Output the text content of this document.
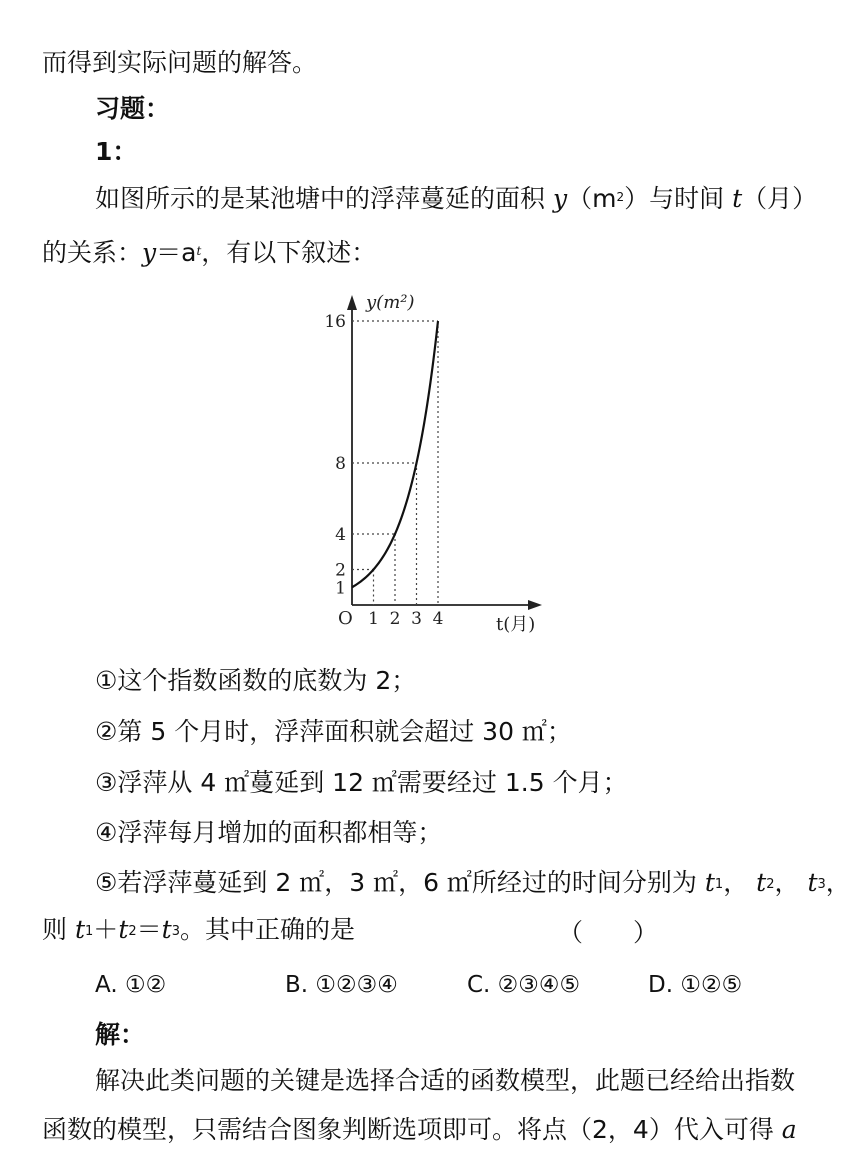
而得到实际问题的解答。
习题：
1：
如图所示的是某池塘中的浮萍蔓延的面积 $y(m^2)$与时间 t（月）
的关系：$y=a^t$，有以下叙述：
1
2
4
8
16
1 2 3 4
O
y(m²)
t(月)
①这个指数函数的底数为 2；
②第 5 个月时，浮萍面积就会超过 30 ㎡；
③浮萍从 4 ㎡蔓延到 12 ㎡需要经过 1.5 个月；
④浮萍每月增加的面积都相等；
⑤若浮萍蔓延到 2 ㎡，3 ㎡，6 ㎡所经过的时间分别为 t1， t2， t3，
则 t1＋t2＝t3。其中正确的是	（　　）
A. ①②	B. ①②③④	C. ②③④⑤	D. ①②⑤
解：
解决此类问题的关键是选择合适的函数模型，此题已经给出指数
函数的模型，只需结合图象判断选项即可。将点（2，4）代入可得 a
